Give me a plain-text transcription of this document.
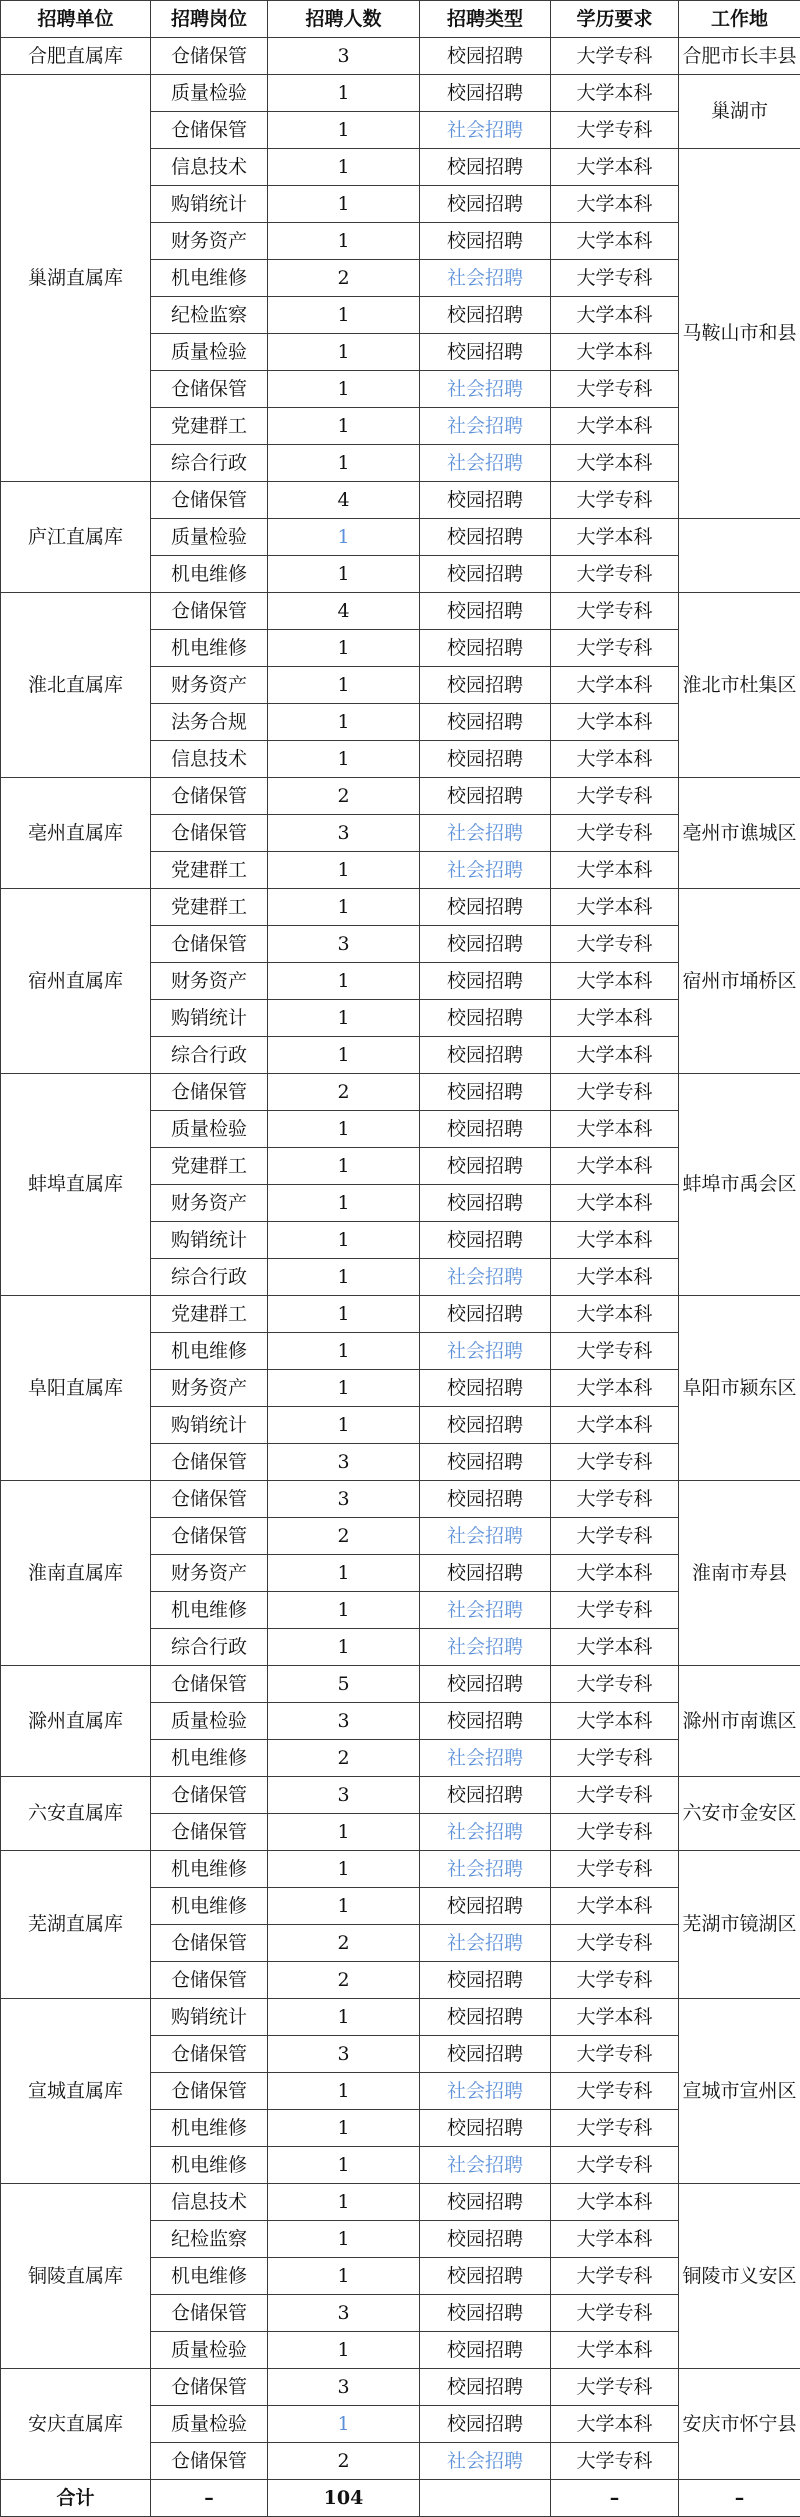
招聘单位	招聘岗位	招聘人数	招聘类型	学历要求	工作地	
合肥直属库	仓储保管	3	校园招聘	大学专科	合肥市长丰县	
巢湖直属库	质量检验	1	校园招聘	大学本科	巢湖市	
	仓储保管	1	社会招聘	大学专科		
	信息技术	1	校园招聘	大学本科	马鞍山市和县	
	购销统计	1	校园招聘	大学本科		
	财务资产	1	校园招聘	大学本科		
	机电维修	2	社会招聘	大学专科		
	纪检监察	1	校园招聘	大学本科		
	质量检验	1	校园招聘	大学本科		
	仓储保管	1	社会招聘	大学专科		
	党建群工	1	社会招聘	大学本科		
	综合行政	1	社会招聘	大学本科		
庐江直属库	仓储保管	4	校园招聘	大学专科	
	质量检验	1	校园招聘	大学本科		
	机电维修	1	校园招聘	大学专科		
淮北直属库	仓储保管	4	校园招聘	大学专科	淮北市杜集区	
	机电维修	1	校园招聘	大学专科		
	财务资产	1	校园招聘	大学本科		
	法务合规	1	校园招聘	大学本科		
	信息技术	1	校园招聘	大学本科		
亳州直属库	仓储保管	2	校园招聘	大学专科	亳州市谯城区	
	仓储保管	3	社会招聘	大学专科		
	党建群工	1	社会招聘	大学本科		
宿州直属库	党建群工	1	校园招聘	大学本科	宿州市埇桥区	
	仓储保管	3	校园招聘	大学专科		
	财务资产	1	校园招聘	大学本科		
	购销统计	1	校园招聘	大学本科		
	综合行政	1	校园招聘	大学本科		
蚌埠直属库	仓储保管	2	校园招聘	大学专科	蚌埠市禹会区	
	质量检验	1	校园招聘	大学本科		
	党建群工	1	校园招聘	大学本科		
	财务资产	1	校园招聘	大学本科		
	购销统计	1	校园招聘	大学本科		
	综合行政	1	社会招聘	大学本科		
阜阳直属库	党建群工	1	校园招聘	大学本科	阜阳市颍东区	
	机电维修	1	社会招聘	大学专科		
	财务资产	1	校园招聘	大学本科		
	购销统计	1	校园招聘	大学本科		
	仓储保管	3	校园招聘	大学专科		
淮南直属库	仓储保管	3	校园招聘	大学专科	淮南市寿县	
	仓储保管	2	社会招聘	大学专科		
	财务资产	1	校园招聘	大学本科		
	机电维修	1	社会招聘	大学专科		
	综合行政	1	社会招聘	大学本科		
滁州直属库	仓储保管	5	校园招聘	大学专科	滁州市南谯区	
	质量检验	3	校园招聘	大学本科		
	机电维修	2	社会招聘	大学专科		
六安直属库	仓储保管	3	校园招聘	大学专科	六安市金安区	
	仓储保管	1	社会招聘	大学专科		
芜湖直属库	机电维修	1	社会招聘	大学专科	芜湖市镜湖区	
	机电维修	1	校园招聘	大学本科		
	仓储保管	2	社会招聘	大学专科		
	仓储保管	2	校园招聘	大学专科		
宣城直属库	购销统计	1	校园招聘	大学本科	宣城市宣州区	
	仓储保管	3	校园招聘	大学专科		
	仓储保管	1	社会招聘	大学专科		
	机电维修	1	校园招聘	大学专科		
	机电维修	1	社会招聘	大学专科		
铜陵直属库	信息技术	1	校园招聘	大学本科	铜陵市义安区	
	纪检监察	1	校园招聘	大学本科		
	机电维修	1	校园招聘	大学专科		
	仓储保管	3	校园招聘	大学专科		
	质量检验	1	校园招聘	大学本科		
安庆直属库	仓储保管	3	校园招聘	大学专科	安庆市怀宁县	
	质量检验	1	校园招聘	大学本科		
	仓储保管	2	社会招聘	大学专科		
合计	–	104		–	–	
